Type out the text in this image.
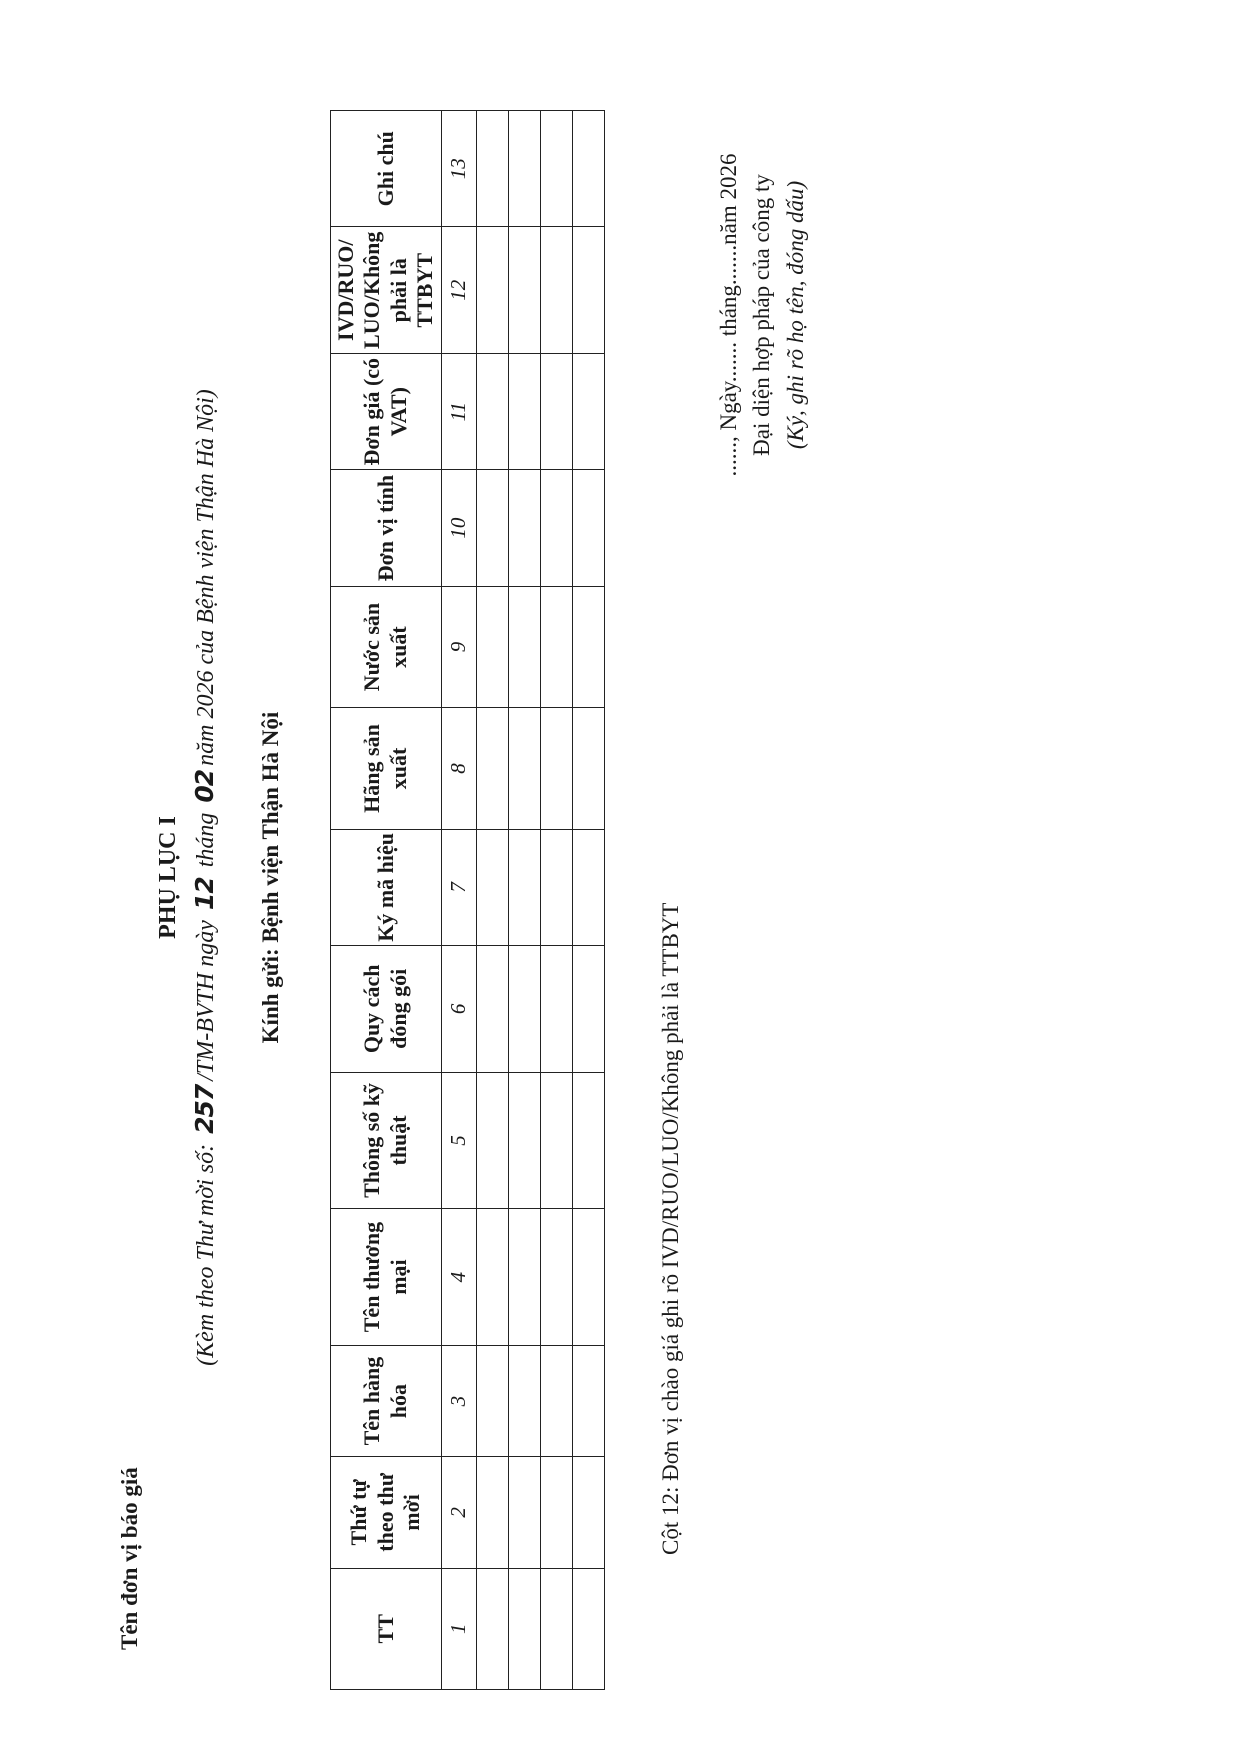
Tên đơn vị báo giá
PHỤ LỤC I
(Kèm theo Thư mời số: 257/TM-BVTH ngày 12 tháng 02năm 2026 của Bệnh viện Thận Hà Nội)
Kính gửi: Bệnh viện Thận Hà Nội
TT	Thứ tự theo thư mời	Tên hàng hóa	Tên thương mại	Thông số kỹ thuật	Quy cách đóng gói	Ký mã hiệu	Hãng sản xuất	Nước sản xuất	Đơn vị tính	Đơn giá (có VAT)	IVD/RUO/ LUO/Không phải là TTBYT	Ghi chú
1	2	3	4	5	6	7	8	9	10	11	12	13

Cột 12: Đơn vị chào giá ghi rõ IVD/RUO/LUO/Không phải là TTBYT
......, Ngày....... tháng.......năm 2026 Đại diện hợp pháp của công ty (Ký, ghi rõ họ tên, đóng dấu)
